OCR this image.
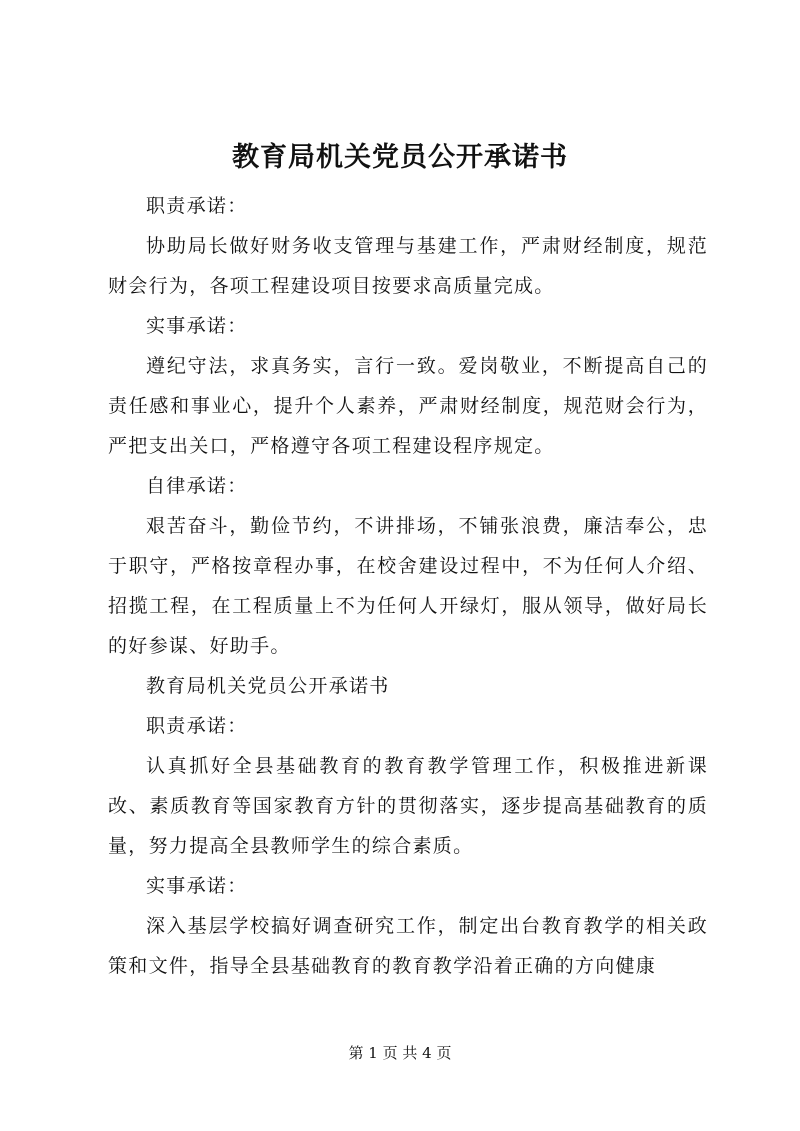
教育局机关党员公开承诺书

职责承诺：

协助局长做好财务收支管理与基建工作，严肃财经制度，规范财会行为，各项工程建设项目按要求高质量完成。

实事承诺：

遵纪守法，求真务实，言行一致。爱岗敬业，不断提高自己的责任感和事业心，提升个人素养，严肃财经制度，规范财会行为，严把支出关口，严格遵守各项工程建设程序规定。

自律承诺：

艰苦奋斗，勤俭节约，不讲排场，不铺张浪费，廉洁奉公，忠于职守，严格按章程办事，在校舍建设过程中，不为任何人介绍、招揽工程，在工程质量上不为任何人开绿灯，服从领导，做好局长的好参谋、好助手。

教育局机关党员公开承诺书

职责承诺：

认真抓好全县基础教育的教育教学管理工作，积极推进新课改、素质教育等国家教育方针的贯彻落实，逐步提高基础教育的质量，努力提高全县教师学生的综合素质。

实事承诺：

深入基层学校搞好调查研究工作，制定出台教育教学的相关政策和文件，指导全县基础教育的教育教学沿着正确的方向健康

第 1 页 共 4 页
